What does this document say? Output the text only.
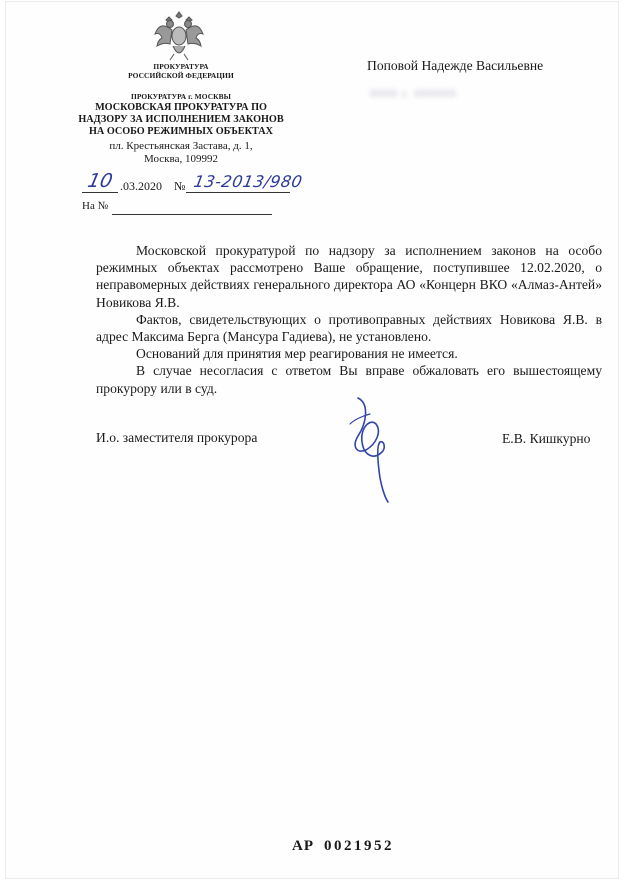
ПРОКУРАТУРА
РОССИЙСКОЙ ФЕДЕРАЦИИ
ПРОКУРАТУРА г. МОСКВЫ
МОСКОВСКАЯ ПРОКУРАТУРА ПО
НАДЗОРУ ЗА ИСПОЛНЕНИЕМ ЗАКОНОВ
НА ОСОБО РЕЖИМНЫХ ОБЪЕКТАХ
пл. Крестьянская Застава, д. 1,
Москва, 109992
10 .03.2020 № 13-2013/980
На №
Поповой Надежде Васильевне
0000 г. 000000

Московской прокуратурой по надзору за исполнением законов на особо режимных объектах рассмотрено Ваше обращение, поступившее 12.02.2020, о неправомерных действиях генерального директора АО «Концерн ВКО «Алмаз-Антей» Новикова Я.В.

Фактов, свидетельствующих о противоправных действиях Новикова Я.В. в адрес Максима Берга (Мансура Гадиева), не установлено.

Оснований для принятия мер реагирования не имеется.

В случае несогласия с ответом Вы вправе обжаловать его вышестоящему прокурору или в суд.

И.о. заместителя прокурора	Е.В. Кишкурно
АР 0021952
